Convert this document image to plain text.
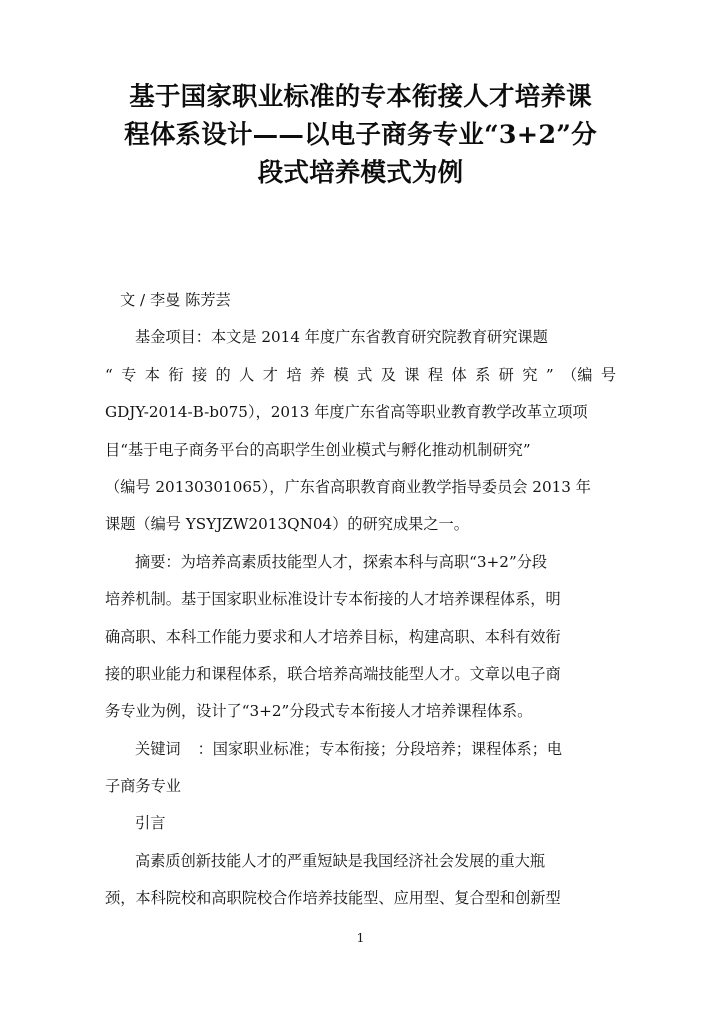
基于国家职业标准的专本衔接人才培养课
程体系设计——以电子商务专业“3+2”分
段式培养模式为例
文 / 李曼 陈芳芸
基金项目：本文是 2014 年度广东省教育研究院教育研究课题
“ 专 本 衔 接 的 人 才 培 养 模 式 及 课 程 体 系 研 究 ” （编 号
GDJY-2014-B-b075），2013 年度广东省高等职业教育教学改革立项项
目“基于电子商务平台的高职学生创业模式与孵化推动机制研究”
（编号 20130301065），广东省高职教育商业教学指导委员会 2013 年
课题（编号 YSYJZW2013QN04）的研究成果之一。
摘要：为培养高素质技能型人才，探索本科与高职“3+2”分段
培养机制。基于国家职业标准设计专本衔接的人才培养课程体系，明
确高职、本科工作能力要求和人才培养目标，构建高职、本科有效衔
接的职业能力和课程体系，联合培养高端技能型人才。文章以电子商
务专业为例，设计了“3+2”分段式专本衔接人才培养课程体系。
关键词 ：国家职业标准；专本衔接；分段培养；课程体系；电
子商务专业
引言
高素质创新技能人才的严重短缺是我国经济社会发展的重大瓶
颈，本科院校和高职院校合作培养技能型、应用型、复合型和创新型
1
